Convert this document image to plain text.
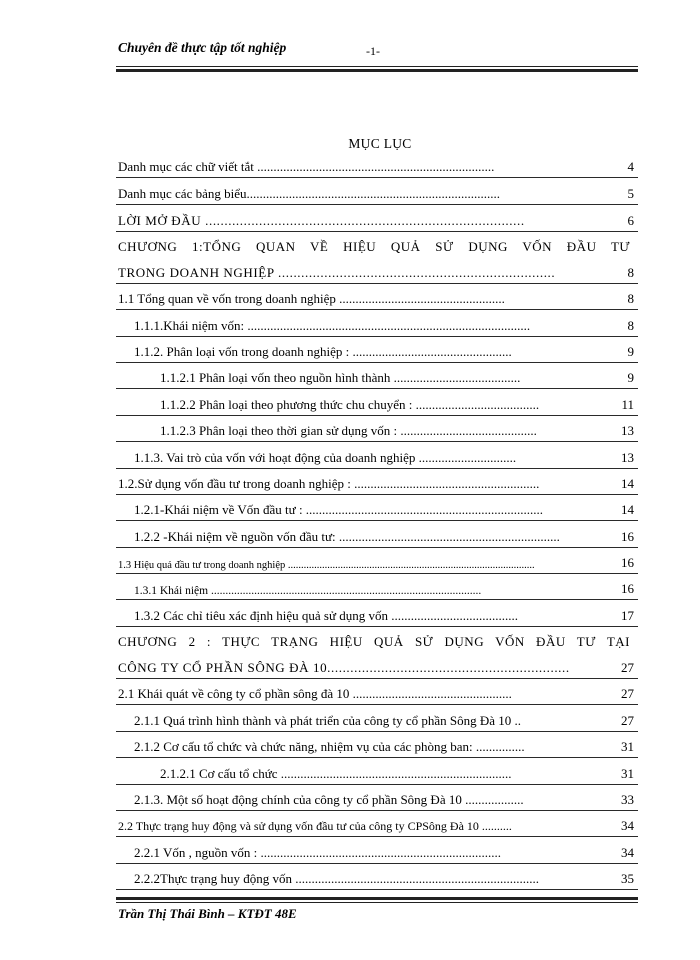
Chuyên đề thực tập tốt nghiệp	-1-
MỤC LỤC
Danh mục các chữ viết tắt .........................................................................	4
Danh mục các bảng biểu..............................................................................	5
LỜI MỞ ĐẦU ...................................................................................	6
CHƯƠNG 1:TỔNG QUAN VỀ HIỆU QUẢ SỬ DỤNG VỐN ĐẦU TƯ
TRONG DOANH NGHIỆP ........................................................................	8
1.1 Tổng quan về vốn trong doanh nghiệp ...................................................	8
1.1.1.Khái niệm vốn: .......................................................................................	8
1.1.2. Phân loại vốn trong doanh nghiệp : .................................................	9
1.1.2.1 Phân loại vốn theo nguồn hình thành .......................................	9
1.1.2.2 Phân loại theo phương thức chu chuyển : ......................................	11
1.1.2.3 Phân loại theo thời gian sử dụng vốn : ..........................................	13
1.1.3. Vai trò của vốn với hoạt động của doanh nghiệp ..............................	13
1.2.Sử dụng vốn đầu tư trong doanh nghiệp : .........................................................	14
1.2.1-Khái niệm về Vốn đầu tư : .........................................................................	14
1.2.2 -Khái niệm về nguồn vốn đầu tư: ....................................................................	16
1.3 Hiệu quả đầu tư trong doanh nghiệp ..............................................................................................	16
1.3.1 Khái niệm ..............................................................................................	16
1.3.2 Các chỉ tiêu xác định hiệu quả sử dụng vốn .......................................	17
CHƯƠNG 2 : THỰC TRẠNG HIỆU QUẢ SỬ DỤNG VỐN ĐẦU TƯ TẠI
CÔNG TY CỔ PHẦN SÔNG ĐÀ 10...............................................................	27
2.1 Khái quát về công ty cổ phần sông đà 10 .................................................	27
2.1.1 Quá trình hình thành và phát triển của công ty cổ phần Sông Đà 10 ..	27
2.1.2 Cơ cấu tổ chức và chức năng, nhiệm vụ của các phòng ban: ...............	31
2.1.2.1 Cơ cấu tổ chức .......................................................................	31
2.1.3. Một số hoạt động chính của công ty cổ phần Sông Đà 10 ..................	33
2.2 Thực trạng huy động và sử dụng vốn đầu tư của công ty CPSông Đà 10 ..........	34
2.2.1 Vốn , nguồn vốn : ..........................................................................	34
2.2.2Thực trạng huy động vốn ...........................................................................	35
Trần Thị Thái Bình – KTĐT 48E
